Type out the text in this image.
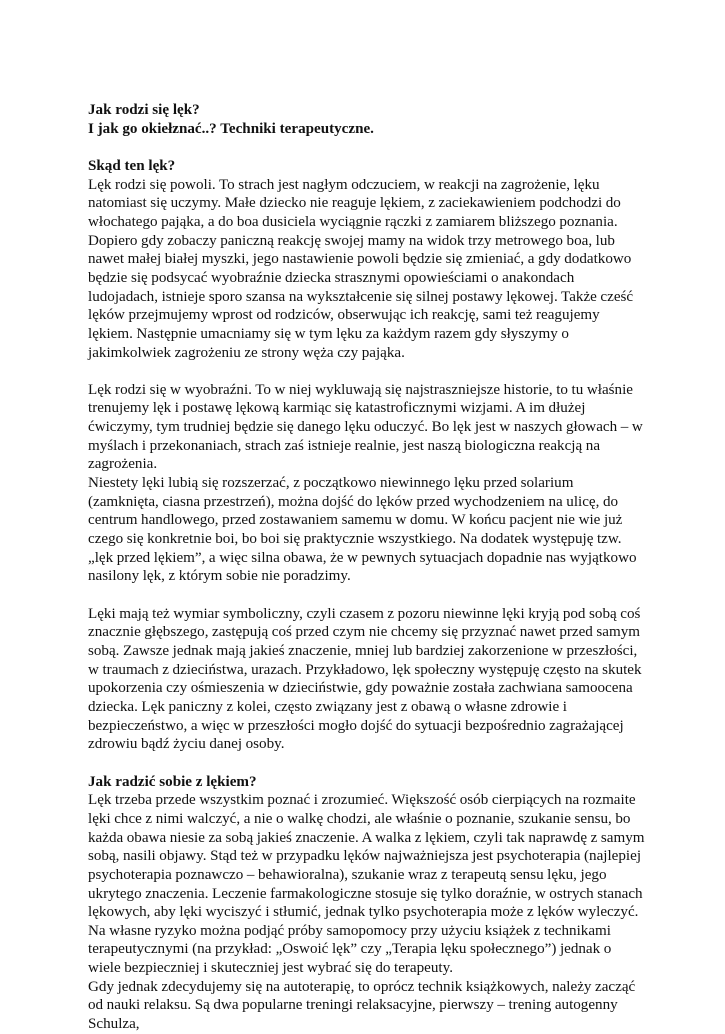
Jak rodzi się lęk?
I jak go okiełznać..? Techniki terapeutyczne.
Skąd ten lęk?

Lęk rodzi się powoli. To strach jest nagłym odczuciem, w reakcji na zagrożenie, lęku natomiast się uczymy. Małe dziecko nie reaguje lękiem, z zaciekawieniem podchodzi do włochatego pająka, a do boa dusiciela wyciągnie rączki z zamiarem bliższego poznania. Dopiero gdy zobaczy paniczną reakcję swojej mamy na widok trzy metrowego boa, lub nawet małej białej myszki, jego nastawienie powoli będzie się zmieniać, a gdy dodatkowo będzie się podsycać wyobraźnie dziecka strasznymi opowieściami o anakondach ludojadach, istnieje sporo szansa na wykształcenie się silnej postawy lękowej. Także cześć lęków przejmujemy wprost od rodziców, obserwując ich reakcję, sami też reagujemy lękiem. Następnie umacniamy się w tym lęku za każdym razem gdy słyszymy o jakimkolwiek zagrożeniu ze strony węża czy pająka.

Lęk rodzi się w wyobraźni. To w niej wykluwają się najstraszniejsze historie, to tu właśnie trenujemy lęk i postawę lękową karmiąc się katastroficznymi wizjami. A im dłużej ćwiczymy, tym trudniej będzie się danego lęku oduczyć. Bo lęk jest w naszych głowach – w myślach i przekonaniach, strach zaś istnieje realnie, jest naszą biologiczna reakcją na zagrożenia.

Niestety lęki lubią się rozszerzać, z początkowo niewinnego lęku przed solarium (zamknięta, ciasna przestrzeń), można dojść do lęków przed wychodzeniem na ulicę, do centrum handlowego, przed zostawaniem samemu w domu. W końcu pacjent nie wie już czego się konkretnie boi, bo boi się praktycznie wszystkiego. Na dodatek występuję tzw. „lęk przed lękiem”, a więc silna obawa, że w pewnych sytuacjach dopadnie nas wyjątkowo nasilony lęk, z którym sobie nie poradzimy.

Lęki mają też wymiar symboliczny, czyli czasem z pozoru niewinne lęki kryją pod sobą coś znacznie głębszego, zastępują coś przed czym nie chcemy się przyznać nawet przed samym sobą. Zawsze jednak mają jakieś znaczenie, mniej lub bardziej zakorzenione w przeszłości, w traumach z dzieciństwa, urazach. Przykładowo, lęk społeczny występuję często na skutek upokorzenia czy ośmieszenia w dzieciństwie, gdy poważnie została zachwiana samoocena dziecka. Lęk paniczny z kolei, często związany jest z obawą o własne zdrowie i bezpieczeństwo, a więc w przeszłości mogło dojść do sytuacji bezpośrednio zagrażającej zdrowiu bądź życiu danej osoby.

Jak radzić sobie z lękiem?

Lęk trzeba przede wszystkim poznać i zrozumieć. Większość osób cierpiących na rozmaite lęki chce z nimi walczyć, a nie o walkę chodzi, ale właśnie o poznanie, szukanie sensu, bo każda obawa niesie za sobą jakieś znaczenie. A walka z lękiem, czyli tak naprawdę z samym sobą, nasili objawy. Stąd też w przypadku lęków najważniejsza jest psychoterapia (najlepiej psychoterapia poznawczo – behawioralna), szukanie wraz z terapeutą sensu lęku, jego ukrytego znaczenia. Leczenie farmakologiczne stosuje się tylko doraźnie, w ostrych stanach lękowych, aby lęki wyciszyć i stłumić, jednak tylko psychoterapia może z lęków wyleczyć.

Na własne ryzyko można podjąć próby samopomocy przy użyciu książek z technikami terapeutycznymi (na przykład: „Oswoić lęk” czy „Terapia lęku społecznego”) jednak o wiele bezpieczniej i skuteczniej jest wybrać się do terapeuty.

Gdy jednak zdecydujemy się na autoterapię, to oprócz technik książkowych, należy zacząć od nauki relaksu. Są dwa popularne treningi relaksacyjne, pierwszy – trening autogenny Schulza,
